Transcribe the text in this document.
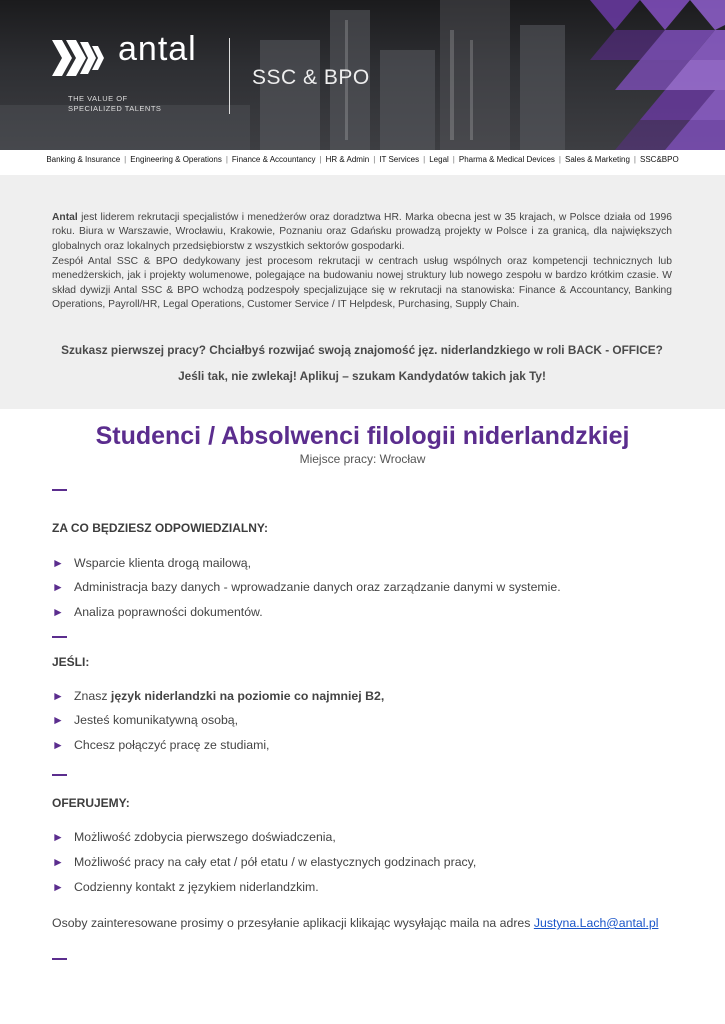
antal
THE VALUE OF
SPECIALIZED TALENTS
SSC & BPO
Banking & Insurance | Engineering & Operations | Finance & Accountancy | HR & Admin | IT Services | Legal | Pharma & Medical Devices | Sales & Marketing | SSC&BPO
Antal jest liderem rekrutacji specjalistów i menedżerów oraz doradztwa HR. Marka obecna jest w 35 krajach, w Polsce działa od 1996 roku. Biura w Warszawie, Wrocławiu, Krakowie, Poznaniu oraz Gdańsku prowadzą projekty w Polsce i za granicą, dla największych globalnych oraz lokalnych przedsiębiorstw z wszystkich sektorów gospodarki.
Zespół Antal SSC & BPO dedykowany jest procesom rekrutacji w centrach usług wspólnych oraz kompetencji technicznych lub menedżerskich, jak i projekty wolumenowe, polegające na budowaniu nowej struktury lub nowego zespołu w bardzo krótkim czasie. W skład dywizji Antal SSC & BPO wchodzą podzespoły specjalizujące się w rekrutacji na stanowiska: Finance & Accountancy, Banking Operations, Payroll/HR, Legal Operations, Customer Service / IT Helpdesk, Purchasing, Supply Chain.
Szukasz pierwszej pracy? Chciałbyś rozwijać swoją znajomość jęz. niderlandzkiego w roli BACK - OFFICE?
Jeśli tak, nie zwlekaj! Aplikuj – szukam Kandydatów takich jak Ty!
Studenci / Absolwenci filologii niderlandzkiej
Miejsce pracy: Wrocław
ZA CO BĘDZIESZ ODPOWIEDZIALNY:
► Wsparcie klienta drogą mailową,
► Administracja bazy danych - wprowadzanie danych oraz zarządzanie danymi w systemie.
► Analiza poprawności dokumentów.
JEŚLI:
► Znasz język niderlandzki na poziomie co najmniej B2,
► Jesteś komunikatywną osobą,
► Chcesz połączyć pracę ze studiami,
OFERUJEMY:
► Możliwość zdobycia pierwszego doświadczenia,
► Możliwość pracy na cały etat / pół etatu / w elastycznych godzinach pracy,
► Codzienny kontakt z językiem niderlandzkim.
Osoby zainteresowane prosimy o przesyłanie aplikacji klikając wysyłając maila na adres Justyna.Lach@antal.pl
